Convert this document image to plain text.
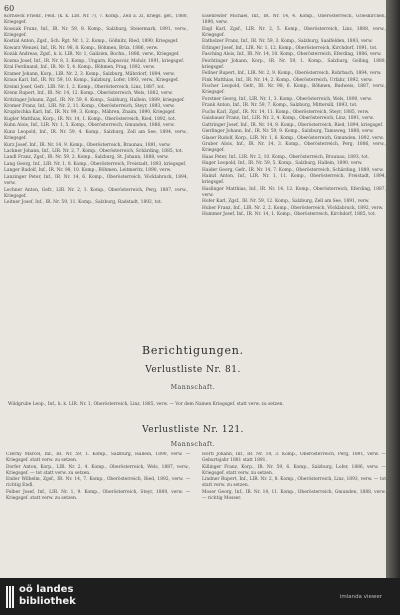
60
Kornseck Friedr., Feld. (k. k. LIR. Nr. 7), 7. Komp., Zell a. Zi, kriegs. gef., 1880, Kriegsgef.
Kossiak Franz, Inf., IR. Nr. 59, 8. Komp., Salzburg, Steiermark, 1891, verw., Kriegsgef.
Kostial Anton, Zgsf., Sch. Rgt. Nr. 1, 2. Komp., Gößnitz, Ried, 1890, Kriegsgef.
Kowarz Wenzel, Inf., IR. Nr. 98, 8. Komp., Böhmen, Brüx, 1886, verw.
Kozák Andreas, Zgsf., k. k. LIR. Nr. 1, Galizien, Bochn., 1886, verw., Kriegsgef.
Kozma Josef, Inf., IR. Nr. 8, 3. Komp., Ungarn, Kaposvár, Mohár, 1891, kriegsgef.
Kral Ferdinand, Inf., IR. Nr. 5, 4. Komp., Böhmen, Prag, 1892, verw.
Kramer Johann, Korp., LIR. Nr. 2, 3. Komp., Salzburg, Mährdorf, 1894, verw.
Kraus Karl, Inf., IR. Nr. 59, 10. Komp., Salzburg, Lofer, 1893, verw., Kriegsgef.
Kreiml Josef, Gefr., LIR. Nr. 1, 2. Komp., Oberösterreich, Linz, 1887, tot.
Krenn Rupert, Inf., IR. Nr. 14, 12. Komp., Oberösterreich, Wels, 1882, verw.
Kritzinger Johann, Zgsf., IR. Nr. 59, 6. Komp., Salzburg, Hallein, 1889, kriegsgef.
Kromer Franz, Inf., LIR. Nr. 2, 11. Komp., Oberösterreich, Steyr, 1893, verw.
Krupitschka Karl, Inf., IR. Nr. 99, 3. Komp., Mähren, Znaim, 1890, Kriegsgef.
Kugler Matthias, Korp., IR. Nr. 14, 1. Komp., Oberösterreich, Ried, 1892, tot.
Kuhn Alois, Inf., LIR. Nr. 1, 5. Komp., Oberösterreich, Gmunden, 1886, verw.
Kunz Leopold, Inf., IR. Nr. 59, 4. Komp., Salzburg, Zell am See, 1894, verw., Kriegsgef.
Kurz Josef, Inf., IR. Nr. 14, 9. Komp., Oberösterreich, Braunau, 1891, verw.
Lackner Johann, Inf., LIR. Nr. 2, 7. Komp., Oberösterreich, Schärding, 1885, tot.
Landl Franz, Zgsf., IR. Nr. 59, 2. Komp., Salzburg, St. Johann, 1888, verw.
Lang Georg, Inf., LIR. Nr. 1, 8. Komp., Oberösterreich, Freistadt, 1893, kriegsgef.
Langer Rudolf, Inf., IR. Nr. 98, 10. Komp., Böhmen, Leitmeritz, 1890, verw.
Lanzinger Peter, Inf., IR. Nr. 14, 6. Komp., Oberösterreich, Vöcklabruck, 1894, verw.
Lechner Anton, Gefr., LIR. Nr. 2, 1. Komp., Oberösterreich, Perg, 1887, verw., Kriegsgef.
Leitner Josef, Inf., IR. Nr. 59, 11. Komp., Salzburg, Radstadt, 1892, tot.
Eisenreiter Michael, Inf., IR. Nr. 14, 4. Komp., Oberösterreich, Grieskirchen, 1890, verw.
Engl Karl, Zgsf., LIR. Nr. 2, 5. Komp., Oberösterreich, Linz, 1888, verw., Kriegsgef.
Entholzer Franz, Inf., IR. Nr. 59, 3. Komp., Salzburg, Saalfelden, 1893, verw.
Erlinger Josef, Inf., LIR. Nr. 1, 12. Komp., Oberösterreich, Kirchdorf, 1891, tot.
Fasching Alois, Inf., IR. Nr. 14, 10. Komp., Oberösterreich, Eferding, 1886, verw.
Feichtinger Johann, Korp., IR. Nr. 59, 1. Komp., Salzburg, Golling, 1889, kriegsgef.
Fellner Rupert, Inf., LIR. Nr. 2, 9. Komp., Oberösterreich, Rohrbach, 1894, verw.
Fink Matthias, Inf., IR. Nr. 14, 2. Komp., Oberösterreich, Urfahr, 1892, verw.
Fischer Leopold, Gefr., IR. Nr. 98, 6. Komp., Böhmen, Budweis, 1887, verw., Kriegsgef.
Forstner Georg, Inf., LIR. Nr. 1, 3. Komp., Oberösterreich, Wels, 1890, verw.
Frank Anton, Inf., IR. Nr. 59, 7. Komp., Salzburg, Mittersill, 1893, tot.
Fuchs Karl, Zgsf., IR. Nr. 14, 11. Komp., Oberösterreich, Steyr, 1885, verw.
Gaisbauer Franz, Inf., LIR. Nr. 2, 4. Komp., Oberösterreich, Linz, 1891, verw.
Gattringer Josef, Inf., IR. Nr. 14, 8. Komp., Oberösterreich, Ried, 1894, kriegsgef.
Gierlinger Johann, Inf., IR. Nr. 59, 9. Komp., Salzburg, Tamsweg, 1888, verw.
Glaser Rudolf, Korp., LIR. Nr. 1, 6. Komp., Oberösterreich, Gmunden, 1892, verw.
Gruber Alois, Inf., IR. Nr. 14, 3. Komp., Oberösterreich, Perg, 1886, verw., Kriegsgef.
Haas Peter, Inf., LIR. Nr. 2, 10. Komp., Oberösterreich, Braunau, 1893, tot.
Hager Leopold, Inf., IR. Nr. 59, 5. Komp., Salzburg, Hallein, 1890, verw.
Haider Georg, Gefr., IR. Nr. 14, 7. Komp., Oberösterreich, Schärding, 1889, verw.
Hainzl Anton, Inf., LIR. Nr. 1, 11. Komp., Oberösterreich, Freistadt, 1894, kriegsgef.
Haslinger Matthias, Inf., IR. Nr. 14, 12. Komp., Oberösterreich, Eferding, 1887, verw.
Hofer Karl, Zgsf., IR. Nr. 59, 12. Komp., Salzburg, Zell am See, 1891, verw.
Huber Franz, Inf., LIR. Nr. 2, 2. Komp., Oberösterreich, Vöcklabruck, 1892, verw.
Hummer Josef, Inf., IR. Nr. 14, 1. Komp., Oberösterreich, Kirchdorf, 1885, tot.
Berichtigungen.
Verlustliste Nr. 81.
Mannschaft.
Wildgrube Leop., Inf., k. k. LIR. Nr. 1, Oberösterreich, Linz, 1885, verw. — Vor dem Namen Kriegsgef. statt verw. zu setzen.
Verlustliste Nr. 121.
Mannschaft.
Czerny Marcel, Inf., IR. Nr. 59, 1. Komp., Salzburg, Hallein, 1890, verw. — Kriegsgef. statt verw. zu setzen.
Dorfer Anton, Korp., LIR. Nr. 2, 4. Komp., Oberösterreich, Wels, 1887, verw., Kriegsgef. — tot statt verw. zu setzen.
Ender Wilhelm, Zgsf., IR. Nr. 14, 7. Komp., Oberösterreich, Ried, 1892, verw. — richtig Endl.
Felber Josef, Inf., LIR. Nr. 1, 9. Komp., Oberösterreich, Steyr, 1889, verw. — Kriegsgef. statt verw. zu setzen.
Hörtl Johann, Inf., IR. Nr. 14, 3. Komp., Oberösterreich, Perg, 1891, verw. — Geburtsjahr 1881 statt 1891.
Killinger Franz, Korp., IR. Nr. 59, 6. Komp., Salzburg, Lofer, 1886, verw. — Kriegsgef. statt verw. zu setzen.
Lindner Rupert, Inf., LIR. Nr. 2, 8. Komp., Oberösterreich, Linz, 1893, verw. — tot statt verw. zu setzen.
Moser Georg, Inf., IR. Nr. 14, 11. Komp., Oberösterreich, Gmunden, 1888, verw. — richtig Mosser.
oö landes
bibliothek	imlanda viewer
